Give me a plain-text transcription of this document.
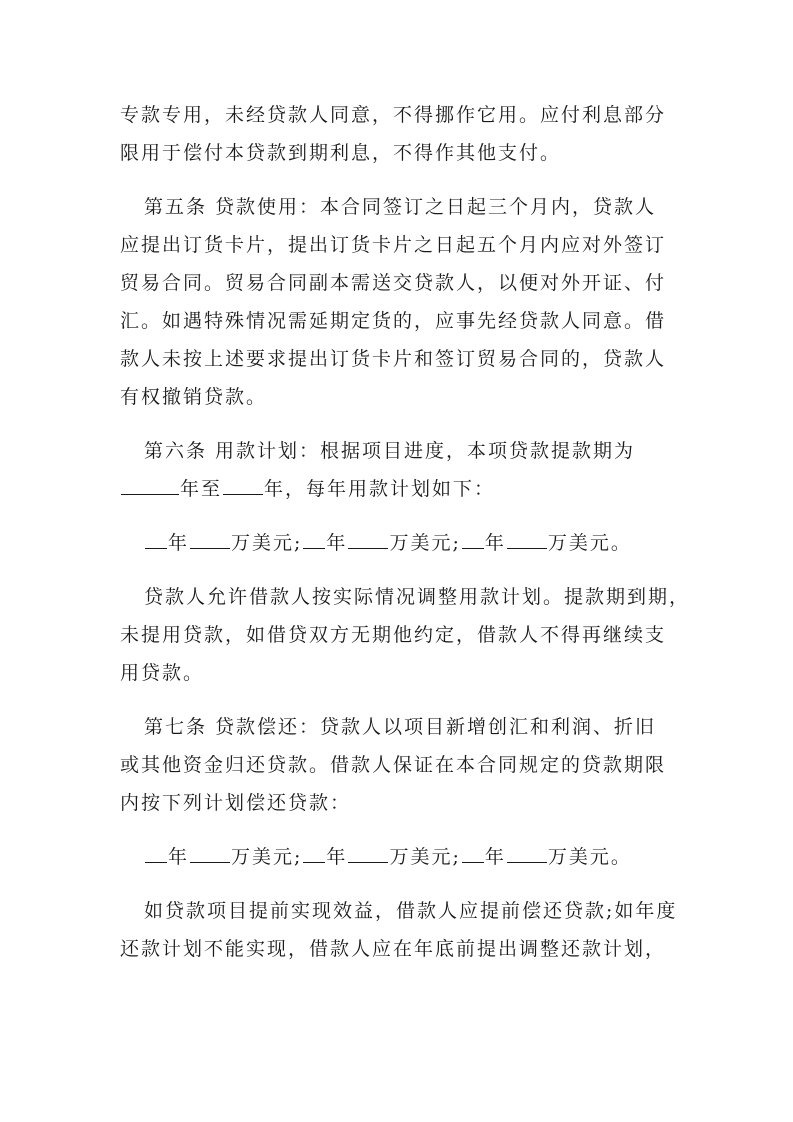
专款专用，未经贷款人同意，不得挪作它用。应付利息部分
限用于偿付本贷款到期利息，不得作其他支付。

第五条 贷款使用：本合同签订之日起三个月内，贷款人
应提出订货卡片，提出订货卡片之日起五个月内应对外签订
贸易合同。贸易合同副本需送交贷款人，以便对外开证、付
汇。如遇特殊情况需延期定货的，应事先经贷款人同意。借
款人未按上述要求提出订货卡片和签订贸易合同的，贷款人
有权撤销贷款。

第六条 用款计划：根据项目进度，本项贷款提款期为
年至 年，每年用款计划如下：

年 万美元; 年 万美元; 年 万美元。

贷款人允许借款人按实际情况调整用款计划。提款期到期，
未提用贷款，如借贷双方无期他约定，借款人不得再继续支
用贷款。

第七条 贷款偿还：贷款人以项目新增创汇和利润、折旧
或其他资金归还贷款。借款人保证在本合同规定的贷款期限
内按下列计划偿还贷款：

年 万美元; 年 万美元; 年 万美元。

如贷款项目提前实现效益，借款人应提前偿还贷款;如年度
还款计划不能实现，借款人应在年底前提出调整还款计划，
